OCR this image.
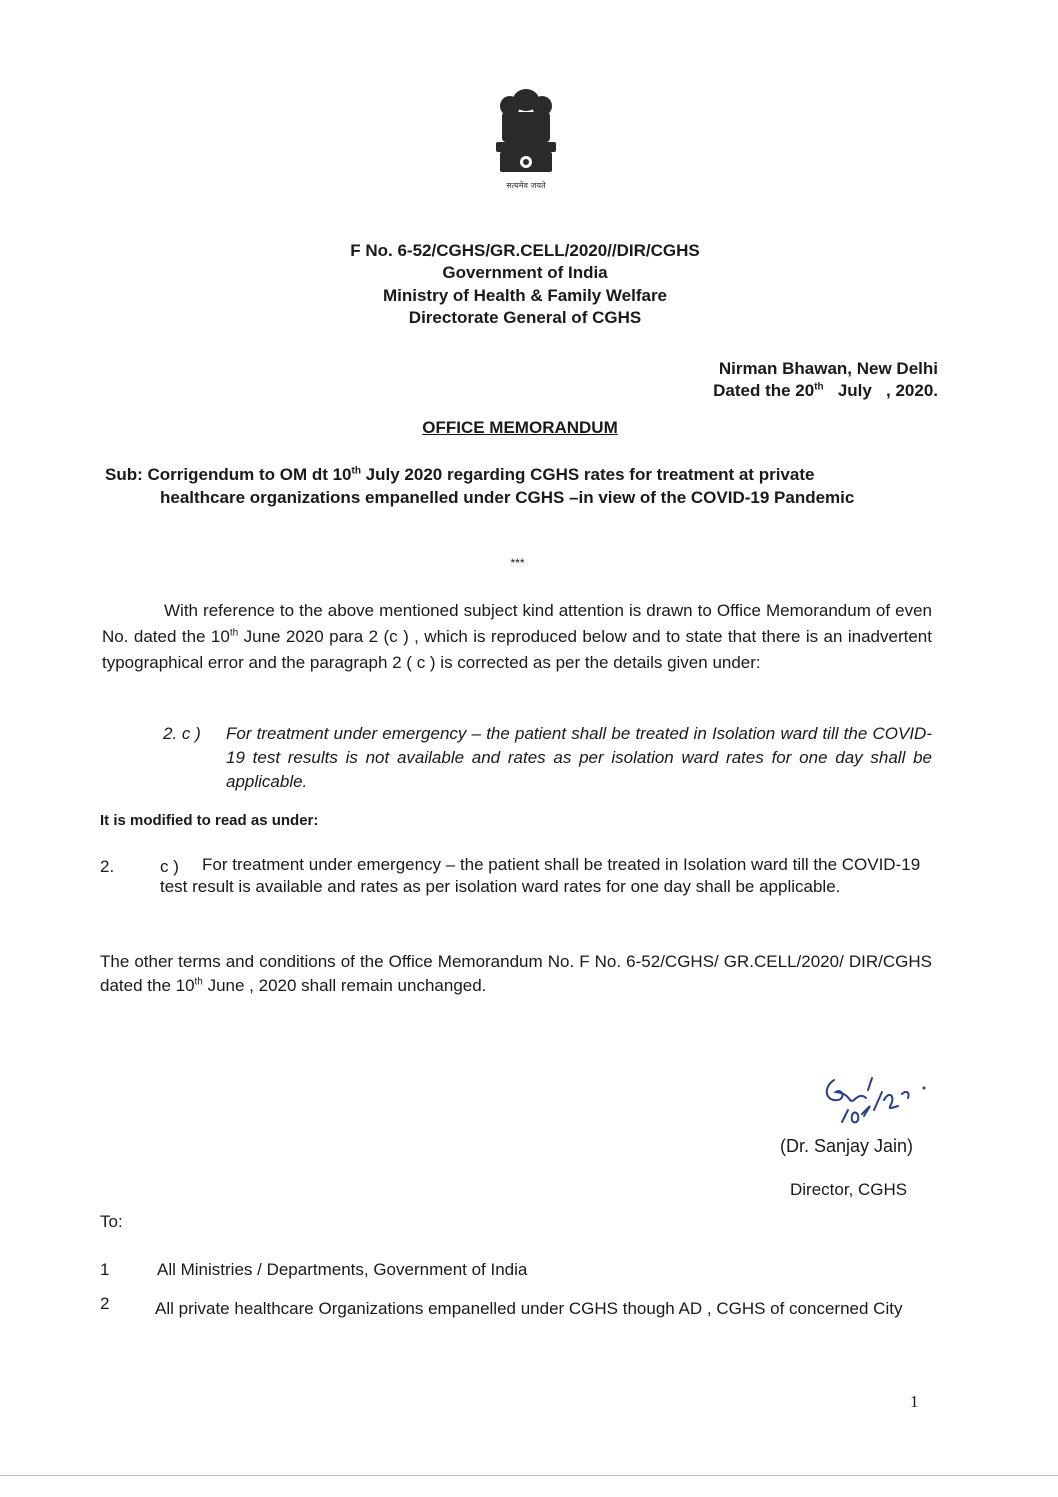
सत्यमेव जयते
F No. 6-52/CGHS/GR.CELL/2020//DIR/CGHS
Government of India
Ministry of Health & Family Welfare
Directorate General of CGHS
Nirman Bhawan, New Delhi
Dated the 20th   July   , 2020.
OFFICE MEMORANDUM
Sub: Corrigendum to OM dt 10th July 2020 regarding CGHS rates for treatment at private
healthcare organizations empanelled under CGHS –in view of the COVID-19 Pandemic
***
With reference to the above mentioned subject kind attention is drawn to Office Memorandum of even No. dated the 10th June 2020 para 2 (c ) , which is reproduced below and to state that there is an inadvertent typographical error and the paragraph 2 ( c ) is corrected as per the details given under:
2. c )	For treatment under emergency – the patient shall be treated in Isolation ward till the COVID-19 test results is not available and rates as per isolation ward rates for one day shall be applicable.
It is modified to read as under:
2.	c )	For treatment under emergency – the patient shall be treated in Isolation ward till the COVID-19 test result is available and rates as per isolation ward rates for one day shall be applicable.
The other terms and conditions of the Office Memorandum No. F No. 6-52/CGHS/ GR.CELL/2020/ DIR/CGHS dated the 10th June , 2020 shall remain unchanged.
(Dr. Sanjay Jain)
Director, CGHS
To:
1	All Ministries / Departments, Government of India
2	All private healthcare Organizations empanelled under CGHS though AD , CGHS of concerned City
1
